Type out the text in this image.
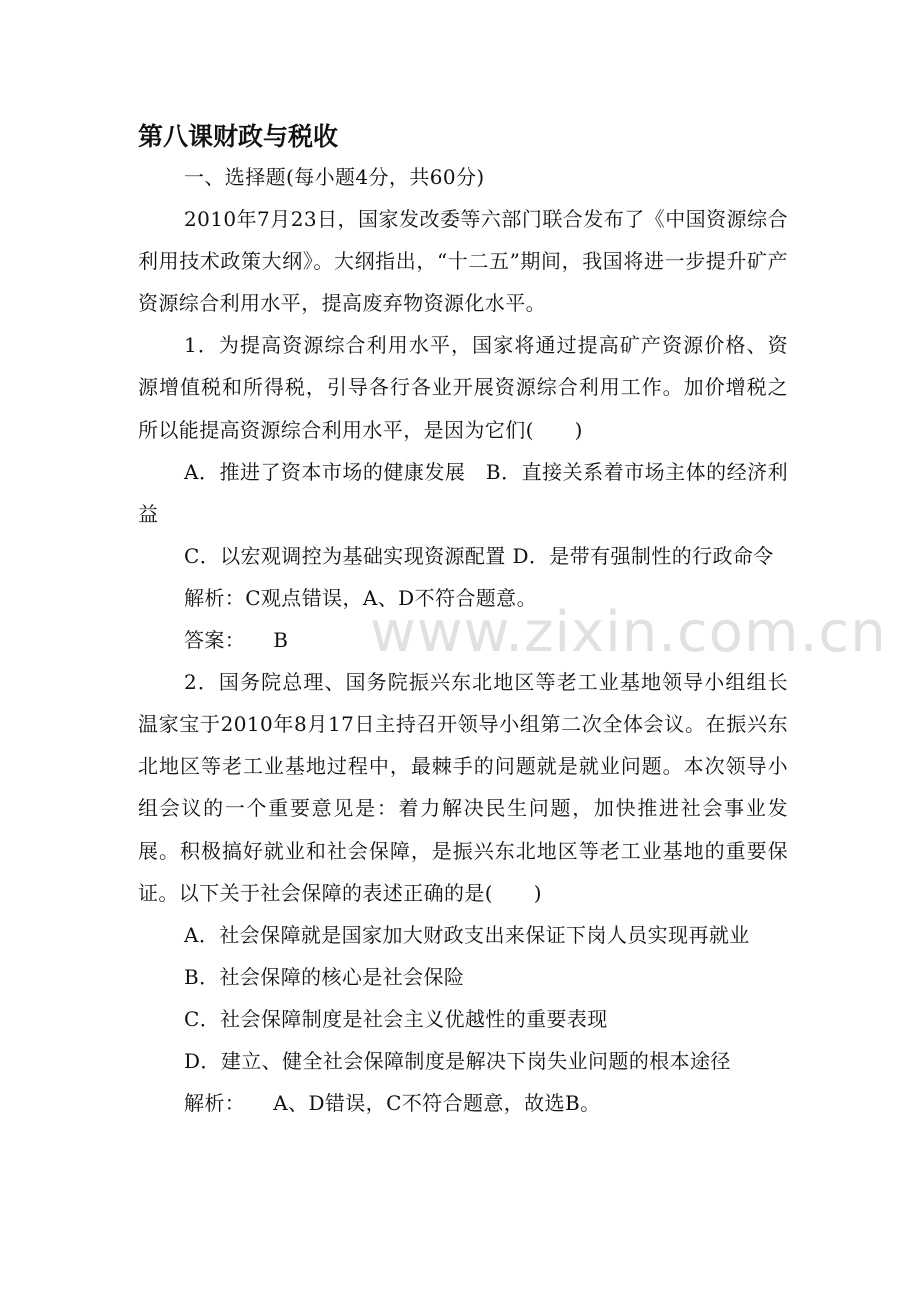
第八课财政与税收

一、选择题(每小题4分，共60分)

2010年7月23日，国家发改委等六部门联合发布了《中国资源综合利用技术政策大纲》。大纲指出，“十二五”期间，我国将进一步提升矿产资源综合利用水平，提高废弃物资源化水平。

1．为提高资源综合利用水平，国家将通过提高矿产资源价格、资源增值税和所得税，引导各行各业开展资源综合利用工作。加价增税之所以能提高资源综合利用水平，是因为它们(　　)

A．推进了资本市场的健康发展　B．直接关系着市场主体的经济利益

C．以宏观调控为基础实现资源配置 D．是带有强制性的行政命令

解析：C观点错误，A、D不符合题意。

答案： B

2．国务院总理、国务院振兴东北地区等老工业基地领导小组组长温家宝于2010年8月17日主持召开领导小组第二次全体会议。在振兴东北地区等老工业基地过程中，最棘手的问题就是就业问题。本次领导小组会议的一个重要意见是：着力解决民生问题，加快推进社会事业发展。积极搞好就业和社会保障，是振兴东北地区等老工业基地的重要保证。以下关于社会保障的表述正确的是(　　)

A．社会保障就是国家加大财政支出来保证下岗人员实现再就业

B．社会保障的核心是社会保险

C．社会保障制度是社会主义优越性的重要表现

D．建立、健全社会保障制度是解决下岗失业问题的根本途径

解析： A、D错误，C不符合题意，故选B。

www.zixin.com.cn
